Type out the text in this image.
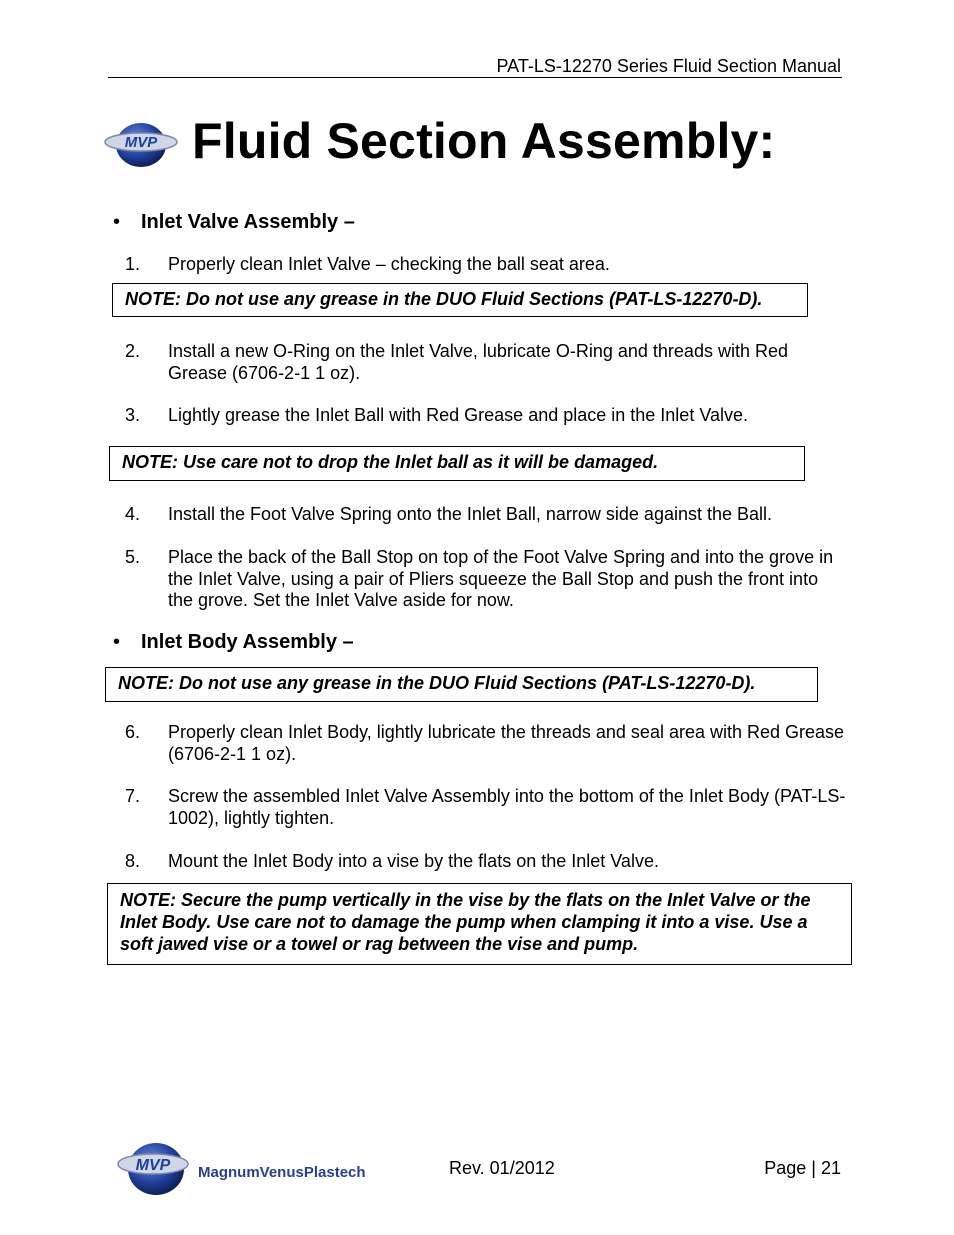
PAT-LS-12270 Series Fluid Section Manual
MVP Fluid Section Assembly:
• Inlet Valve Assembly –
1. Properly clean Inlet Valve – checking the ball seat area.
NOTE: Do not use any grease in the DUO Fluid Sections (PAT-LS-12270-D).
2. Install a new O-Ring on the Inlet Valve, lubricate O-Ring and threads with Red Grease (6706-2-1 1 oz).
3. Lightly grease the Inlet Ball with Red Grease and place in the Inlet Valve.
NOTE: Use care not to drop the Inlet ball as it will be damaged.
4. Install the Foot Valve Spring onto the Inlet Ball, narrow side against the Ball.
5. Place the back of the Ball Stop on top of the Foot Valve Spring and into the grove in the Inlet Valve, using a pair of Pliers squeeze the Ball Stop and push the front into the grove. Set the Inlet Valve aside for now.
• Inlet Body Assembly –
NOTE: Do not use any grease in the DUO Fluid Sections (PAT-LS-12270-D).
6. Properly clean Inlet Body, lightly lubricate the threads and seal area with Red Grease (6706-2-1 1 oz).
7. Screw the assembled Inlet Valve Assembly into the bottom of the Inlet Body (PAT-LS-1002), lightly tighten.
8. Mount the Inlet Body into a vise by the flats on the Inlet Valve.
NOTE: Secure the pump vertically in the vise by the flats on the Inlet Valve or the Inlet Body. Use care not to damage the pump when clamping it into a vise. Use a soft jawed vise or a towel or rag between the vise and pump.
MVP MagnumVenusPlastech	Rev. 01/2012	Page | 21
